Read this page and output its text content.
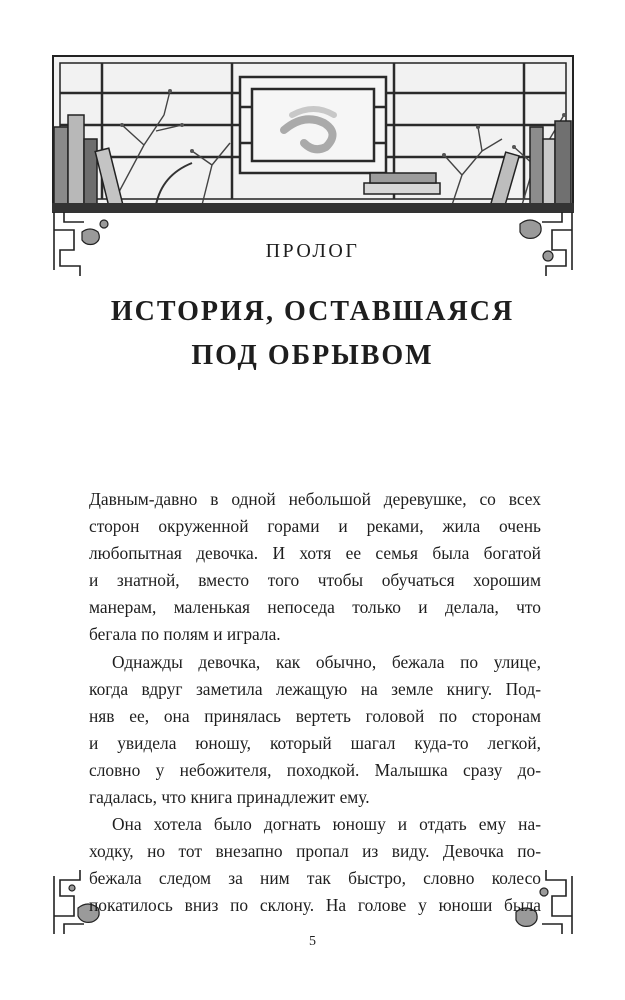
ПРОЛОГ
ИСТОРИЯ, ОСТАВШАЯСЯ
ПОД ОБРЫВОМ
Давным-давно в одной небольшой деревушке, со всех
сторон окруженной горами и реками, жила очень
любопытная девочка. И хотя ее семья была богатой
и знатной, вместо того чтобы обучаться хорошим
манерам, маленькая непоседа только и делала, что
бегала по полям и играла.
Однажды девочка, как обычно, бежала по улице,
когда вдруг заметила лежащую на земле книгу. Под-
няв ее, она принялась вертеть головой по сторонам
и увидела юношу, который шагал куда-то легкой,
словно у небожителя, походкой. Малышка сразу до-
гадалась, что книга принадлежит ему.
Она хотела было догнать юношу и отдать ему на-
ходку, но тот внезапно пропал из виду. Девочка по-
бежала следом за ним так быстро, словно колесо
покатилось вниз по склону. На голове у юноши была
5
